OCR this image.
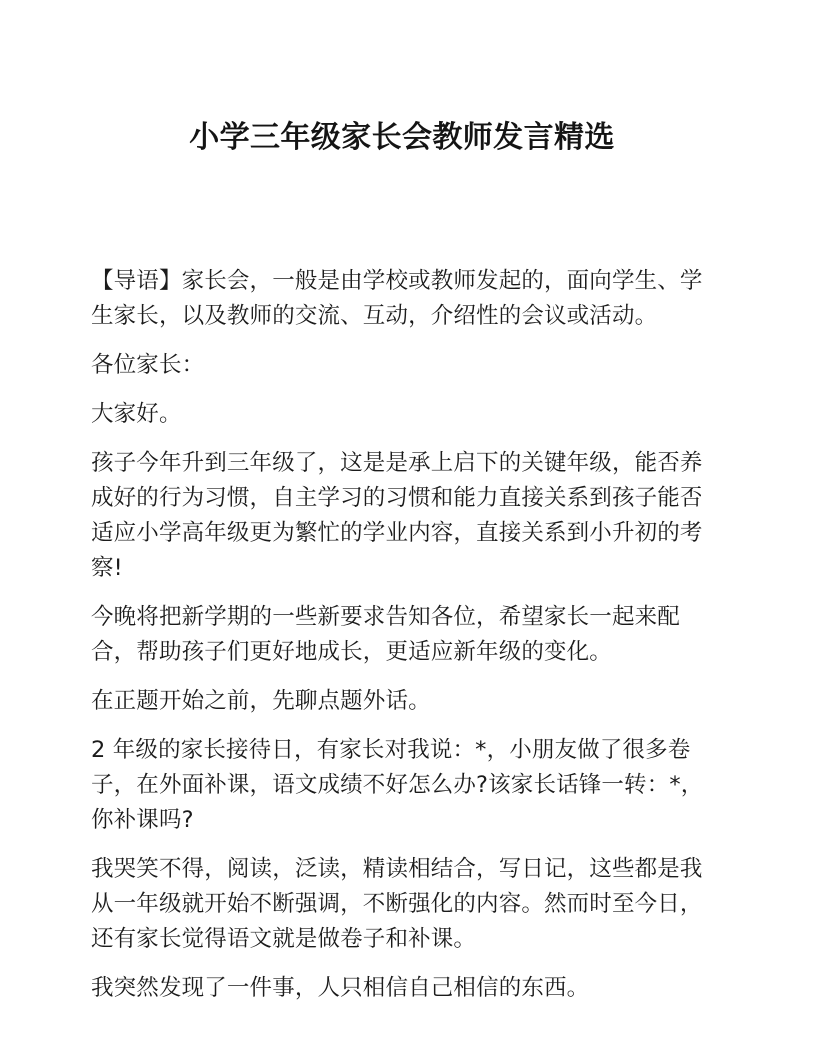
小学三年级家长会教师发言精选

【导语】家长会，一般是由学校或教师发起的，面向学生、学生家长，以及教师的交流、互动，介绍性的会议或活动。

各位家长：

大家好。

孩子今年升到三年级了，这是是承上启下的关键年级，能否养成好的行为习惯，自主学习的习惯和能力直接关系到孩子能否适应小学高年级更为繁忙的学业内容，直接关系到小升初的考察!

今晚将把新学期的一些新要求告知各位，希望家长一起来配合，帮助孩子们更好地成长，更适应新年级的变化。

在正题开始之前，先聊点题外话。

2 年级的家长接待日，有家长对我说：*，小朋友做了很多卷子，在外面补课，语文成绩不好怎么办?该家长话锋一转：*，你补课吗?

我哭笑不得，阅读，泛读，精读相结合，写日记，这些都是我从一年级就开始不断强调，不断强化的内容。然而时至今日，还有家长觉得语文就是做卷子和补课。

我突然发现了一件事，人只相信自己相信的东西。
